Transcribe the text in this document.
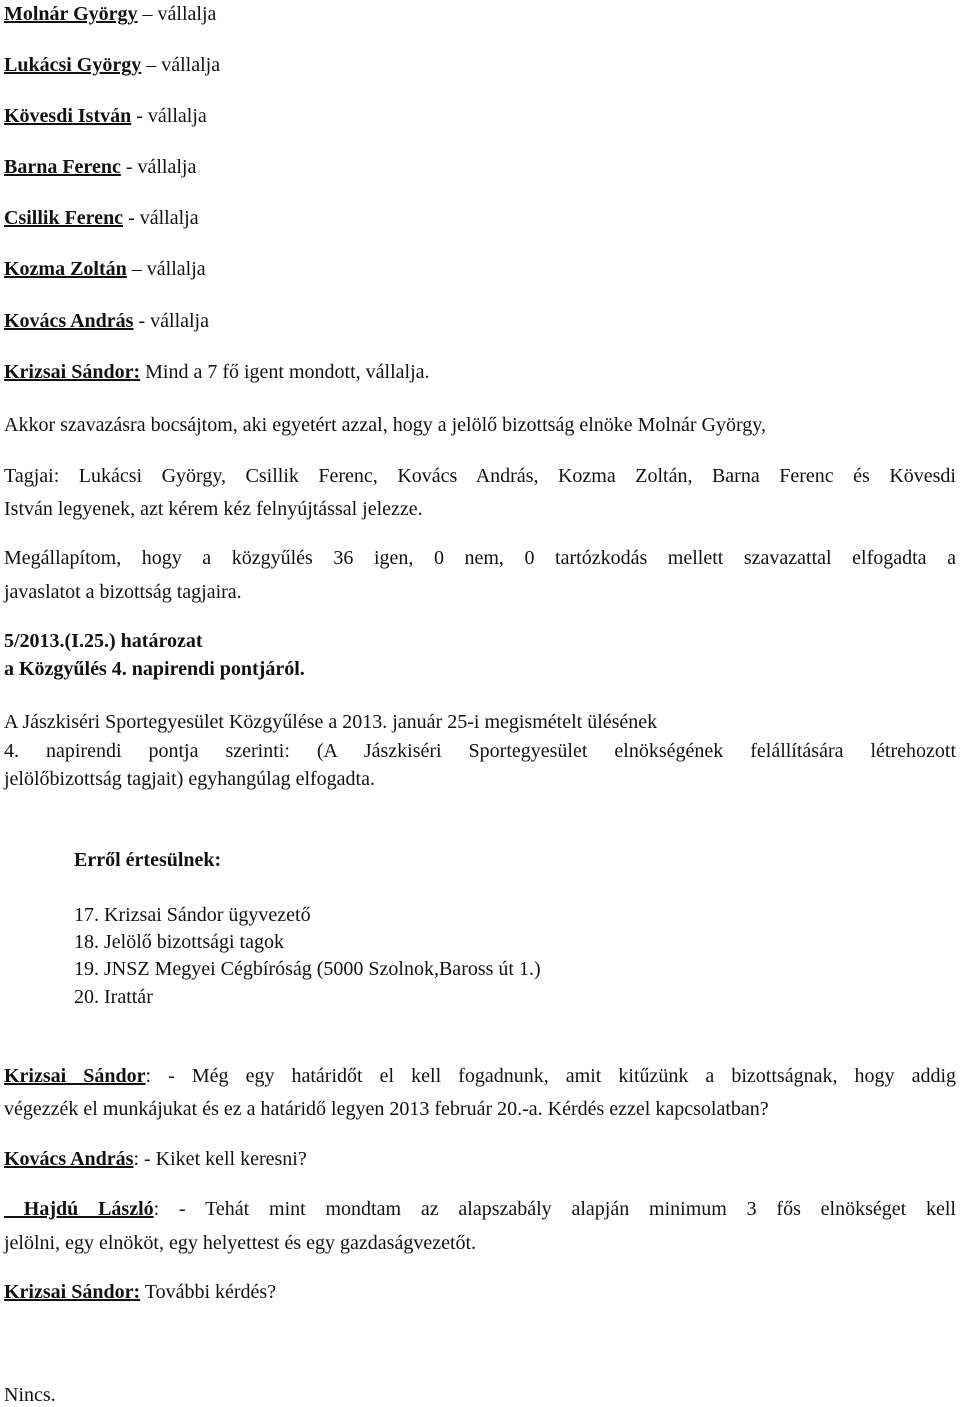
Molnár György – vállalja
Lukácsi György – vállalja
Kövesdi István - vállalja
Barna Ferenc - vállalja
Csillik Ferenc - vállalja
Kozma Zoltán – vállalja
Kovács András - vállalja
Krizsai Sándor: Mind a 7 fő igent mondott, vállalja.
Akkor szavazásra bocsájtom, aki egyetért azzal, hogy a jelölő bizottság elnöke Molnár György,
Tagjai: Lukácsi György, Csillik Ferenc, Kovács András, Kozma Zoltán, Barna Ferenc és Kövesdi
István legyenek, azt kérem kéz felnyújtással jelezze.
Megállapítom, hogy a közgyűlés 36 igen, 0 nem, 0 tartózkodás mellett szavazattal elfogadta a
javaslatot a bizottság tagjaira.
5/2013.(I.25.) határozat
a Közgyűlés 4. napirendi pontjáról.
A Jászkiséri Sportegyesület Közgyűlése a 2013. január 25-i megismételt ülésének
4. napirendi pontja szerinti: (A Jászkiséri Sportegyesület elnökségének felállítására létrehozott
jelölőbizottság tagjait) egyhangúlag elfogadta.
Erről értesülnek:
17. Krizsai Sándor ügyvezető
18. Jelölő bizottsági tagok
19. JNSZ Megyei Cégbíróság (5000 Szolnok,Baross út 1.)
20. Irattár
Krizsai Sándor: - Még egy határidőt el kell fogadnunk, amit kitűzünk a bizottságnak, hogy addig
végezzék el munkájukat és ez a határidő legyen 2013 február 20.-a. Kérdés ezzel kapcsolatban?
Kovács András: - Kiket kell keresni?
Hajdú László: - Tehát mint mondtam az alapszabály alapján minimum 3 fős elnökséget kell
jelölni, egy elnököt, egy helyettest és egy gazdaságvezetőt.
Krizsai Sándor: További kérdés?
Nincs.
